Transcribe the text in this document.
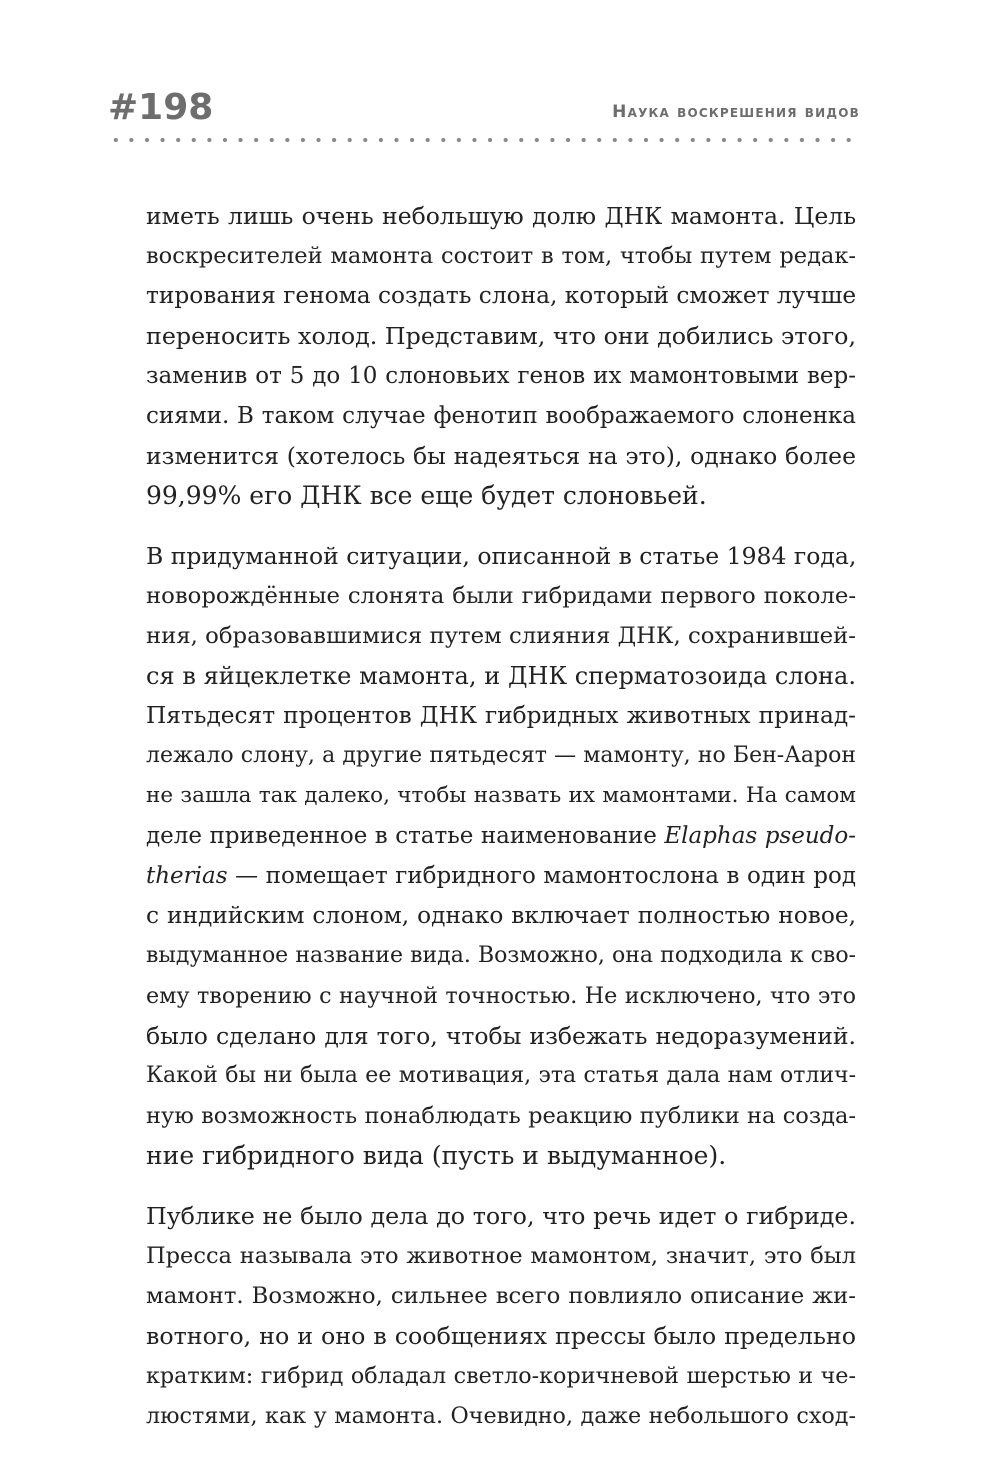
#198	Наука воскрешения видов
иметь лишь очень небольшую долю ДНК мамонта. Цель
воскресителей мамонта состоит в том, чтобы путем редак-
тирования генома создать слона, который сможет лучше
переносить холод. Представим, что они добились этого,
заменив от 5 до 10 слоновьих генов их мамонтовыми вер-
сиями. В таком случае фенотип воображаемого слоненка
изменится (хотелось бы надеяться на это), однако более
99,99% его ДНК все еще будет слоновьей.
В придуманной ситуации, описанной в статье 1984 года,
новорождённые слонята были гибридами первого поколе-
ния, образовавшимися путем слияния ДНК, сохранившей-
ся в яйцеклетке мамонта, и ДНК сперматозоида слона.
Пятьдесят процентов ДНК гибридных животных принад-
лежало слону, а другие пятьдесят — мамонту, но Бен-Аарон
не зашла так далеко, чтобы назвать их мамонтами. На самом
деле приведенное в статье наименование Elaphas pseudo-
therias — помещает гибридного мамонтослона в один род
с индийским слоном, однако включает полностью новое,
выдуманное название вида. Возможно, она подходила к сво-
ему творению с научной точностью. Не исключено, что это
было сделано для того, чтобы избежать недоразумений.
Какой бы ни была ее мотивация, эта статья дала нам отлич-
ную возможность понаблюдать реакцию публики на созда-
ние гибридного вида (пусть и выдуманное).
Публике не было дела до того, что речь идет о гибриде.
Пресса называла это животное мамонтом, значит, это был
мамонт. Возможно, сильнее всего повлияло описание жи-
вотного, но и оно в сообщениях прессы было предельно
кратким: гибрид обладал светло-коричневой шерстью и че-
люстями, как у мамонта. Очевидно, даже небольшого сход-
